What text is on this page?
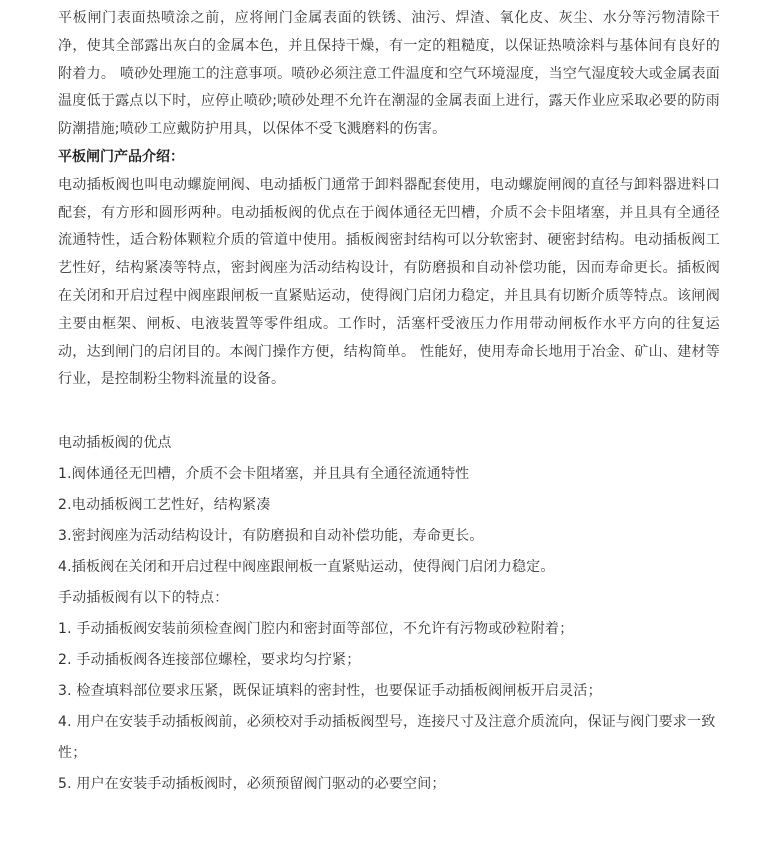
平板闸门表面热喷涂之前，应将闸门金属表面的铁锈、油污、焊渣、氧化皮、灰尘、水分等污物清除干净，使其全部露出灰白的金属本色，并且保持干燥，有一定的粗糙度，以保证热喷涂料与基体间有良好的附着力。 喷砂处理施工的注意事项。喷砂必须注意工件温度和空气环境湿度，当空气湿度较大或金属表面温度低于露点以下时，应停止喷砂;喷砂处理不允许在潮湿的金属表面上进行，露天作业应采取必要的防雨防潮措施;喷砂工应戴防护用具，以保体不受飞溅磨料的伤害。

平板闸门产品介绍：

电动插板阀也叫电动螺旋闸阀、电动插板门通常于卸料器配套使用，电动螺旋闸阀的直径与卸料器进料口配套，有方形和圆形两种。电动插板阀的优点在于阀体通径无凹槽，介质不会卡阻堵塞，并且具有全通径流通特性，适合粉体颗粒介质的管道中使用。插板阀密封结构可以分软密封、硬密封结构。电动插板阀工艺性好，结构紧凑等特点，密封阀座为活动结构设计，有防磨损和自动补偿功能，因而寿命更长。插板阀在关闭和开启过程中阀座跟闸板一直紧贴运动，使得阀门启闭力稳定，并且具有切断介质等特点。该闸阀主要由框架、闸板、电液装置等零件组成。工作时，活塞杆受液压力作用带动闸板作水平方向的往复运动，达到闸门的启闭目的。本阀门操作方便，结构简单。 性能好，使用寿命长地用于冶金、矿山、建材等行业，是控制粉尘物料流量的设备。

电动插板阀的优点

1.阀体通径无凹槽，介质不会卡阻堵塞，并且具有全通径流通特性
2.电动插板阀工艺性好，结构紧凑
3.密封阀座为活动结构设计，有防磨损和自动补偿功能，寿命更长。
4.插板阀在关闭和开启过程中阀座跟闸板一直紧贴运动，使得阀门启闭力稳定。

手动插板阀有以下的特点：

1. 手动插板阀安装前须检查阀门腔内和密封面等部位，不允许有污物或砂粒附着；
2. 手动插板阀各连接部位螺栓，要求均匀拧紧；
3. 检查填料部位要求压紧，既保证填料的密封性，也要保证手动插板阀闸板开启灵活；
4. 用户在安装手动插板阀前，必须校对手动插板阀型号，连接尺寸及注意介质流向，保证与阀门要求一致性；
5. 用户在安装手动插板阀时，必须预留阀门驱动的必要空间；
